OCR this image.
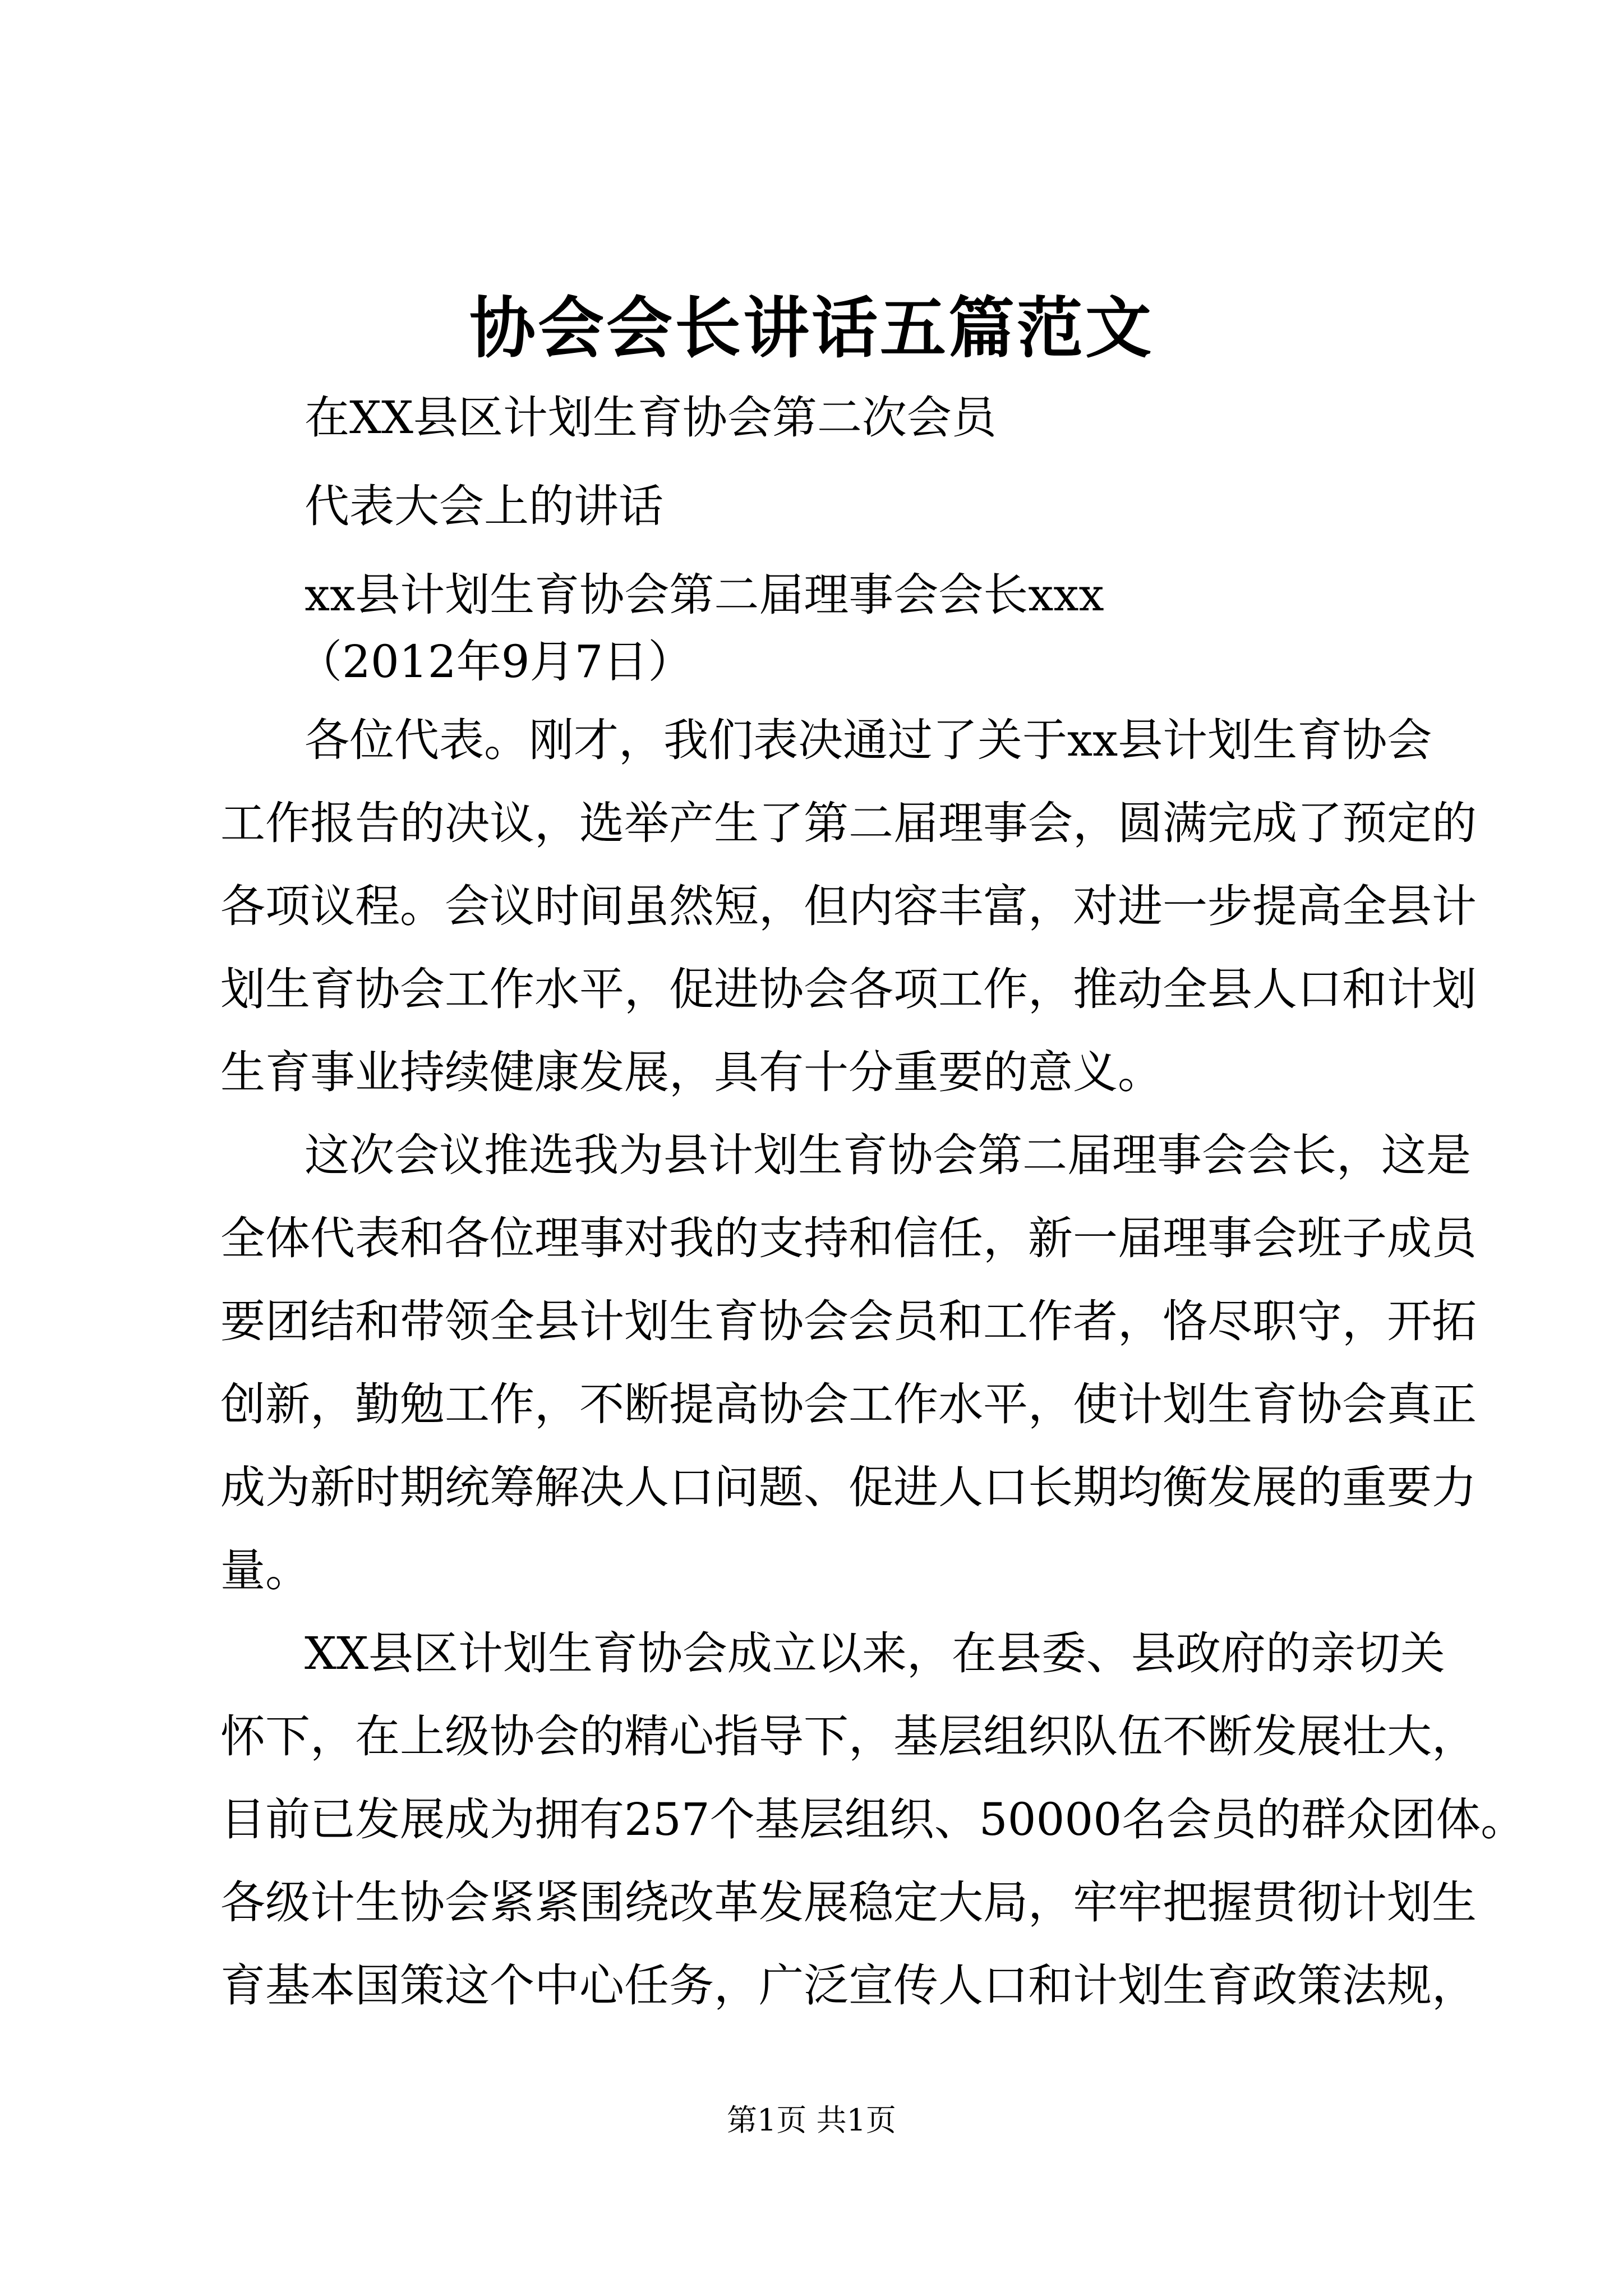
协会会长讲话五篇范文
在XX县区计划生育协会第二次会员
代表大会上的讲话
xx县计划生育协会第二届理事会会长xxx
（2012年9月7日）
各位代表。刚才，我们表决通过了关于xx县计划生育协会
工作报告的决议，选举产生了第二届理事会，圆满完成了预定的
各项议程。会议时间虽然短，但内容丰富，对进一步提高全县计
划生育协会工作水平，促进协会各项工作，推动全县人口和计划
生育事业持续健康发展，具有十分重要的意义。
这次会议推选我为县计划生育协会第二届理事会会长，这是
全体代表和各位理事对我的支持和信任，新一届理事会班子成员
要团结和带领全县计划生育协会会员和工作者，恪尽职守，开拓
创新，勤勉工作，不断提高协会工作水平，使计划生育协会真正
成为新时期统筹解决人口问题、促进人口长期均衡发展的重要力
量。
XX县区计划生育协会成立以来，在县委、县政府的亲切关
怀下，在上级协会的精心指导下，基层组织队伍不断发展壮大，
目前已发展成为拥有257个基层组织、50000名会员的群众团体。
各级计生协会紧紧围绕改革发展稳定大局，牢牢把握贯彻计划生
育基本国策这个中心任务，广泛宣传人口和计划生育政策法规，
第1页 共1页
